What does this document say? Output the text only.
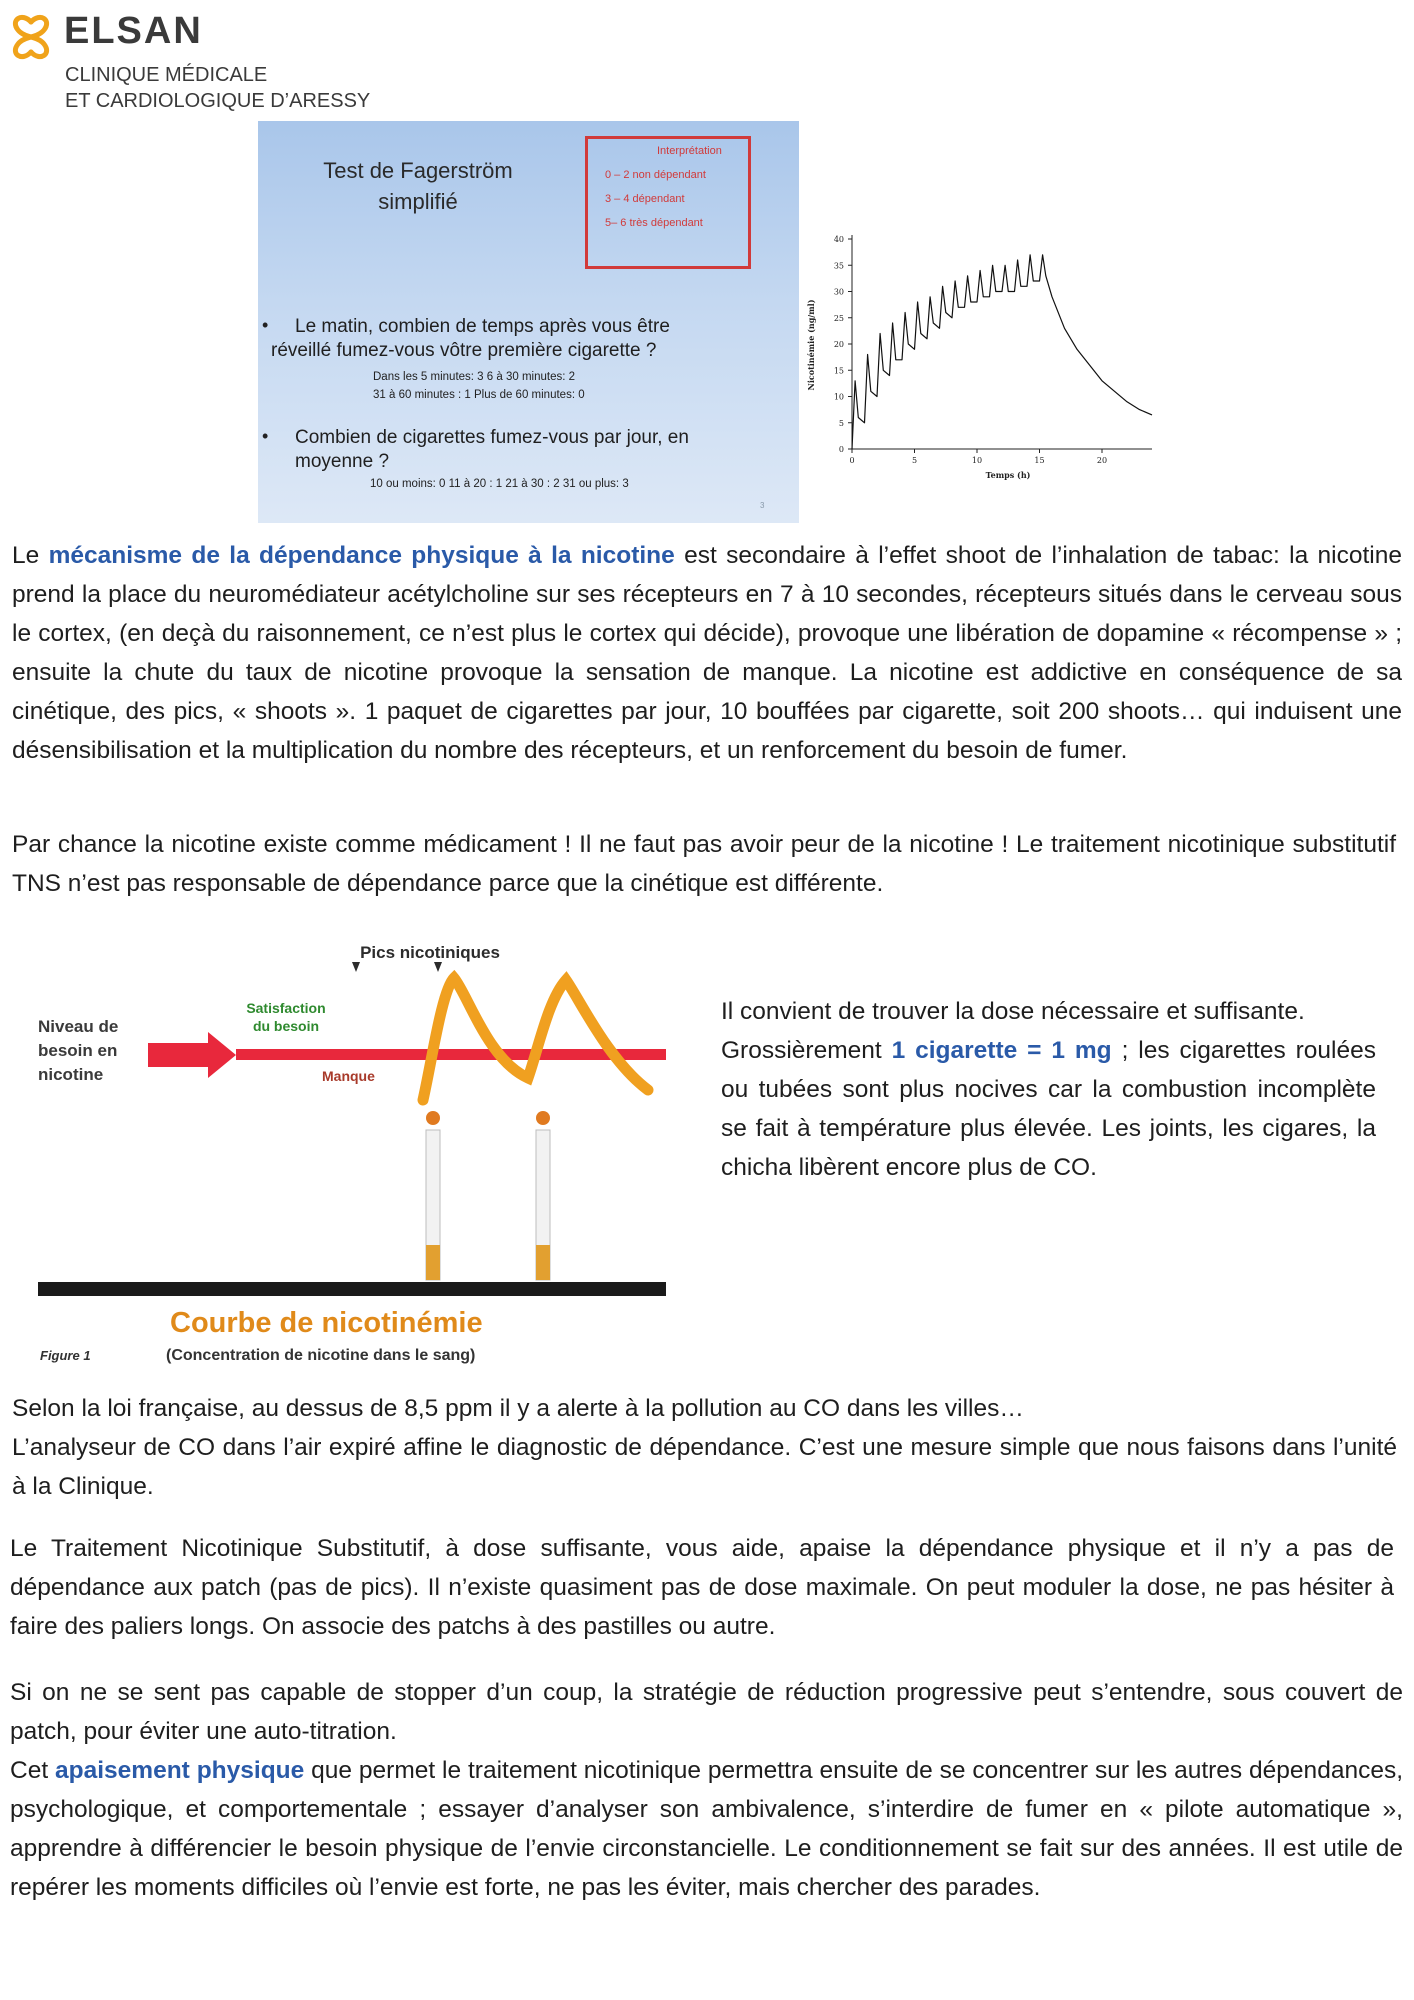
ELSAN
CLINIQUE MÉDICALE
ET CARDIOLOGIQUE D’ARESSY
Test de Fagerström
simplifié
Interprétation
0 – 2 non dépendant
3 – 4 dépendant
5– 6 très dépendant
• Le matin, combien de temps après vous être
réveillé fumez-vous vôtre première cigarette ?
Dans les 5 minutes: 3 6 à 30 minutes: 2
31 à 60 minutes : 1 Plus de 60 minutes: 0
• Combien de cigarettes fumez-vous par jour, en
moyenne ?
10 ou moins: 0 11 à 20 : 1 21 à 30 : 2 31 ou plus: 3
3
Nicotinémie (ng/ml)
Temps (h)
0
5
10
15
20
25
30
35
40
0	5	10	15	20
Le mécanisme de la dépendance physique à la nicotine est secondaire à l’effet shoot de l’inhalation de tabac: la nicotine prend la place du neuromédiateur acétylcholine sur ses récepteurs en 7 à 10 secondes, récepteurs situés dans le cerveau sous le cortex, (en deçà du raisonnement, ce n’est plus le cortex qui décide), provoque une libération de dopamine « récompense » ; ensuite la chute du taux de nicotine provoque la sensation de manque. La nicotine est addictive en conséquence de sa cinétique, des pics, « shoots ». 1 paquet de cigarettes par jour, 10 bouffées par cigarette, soit 200 shoots… qui induisent une désensibilisation et la multiplication du nombre des récepteurs, et un renforcement du besoin de fumer.
Par chance la nicotine existe comme médicament ! Il ne faut pas avoir peur de la nicotine ! Le traitement nicotinique substitutif TNS n’est pas responsable de dépendance parce que la cinétique est différente.
Pics nicotiniques
Niveau de
besoin en
nicotine
Satisfaction
du besoin
Manque
Courbe de nicotinémie
Figure 1	(Concentration de nicotine dans le sang)
Il convient de trouver la dose nécessaire et suffisante.
Grossièrement 1 cigarette = 1 mg ; les cigarettes roulées ou tubées sont plus nocives car la combustion incomplète se fait à température plus élevée. Les joints, les cigares, la chicha libèrent encore plus de CO.
Selon la loi française, au dessus de 8,5 ppm il y a alerte à la pollution au CO dans les villes…
L’analyseur de CO dans l’air expiré affine le diagnostic de dépendance. C’est une mesure simple que nous faisons dans l’unité à la Clinique.
Le Traitement Nicotinique Substitutif, à dose suffisante, vous aide, apaise la dépendance physique et il n’y a pas de dépendance aux patch (pas de pics). Il n’existe quasiment pas de dose maximale. On peut moduler la dose, ne pas hésiter à faire des paliers longs. On associe des patchs à des pastilles ou autre.
Si on ne se sent pas capable de stopper d’un coup, la stratégie de réduction progressive peut s’entendre, sous couvert de patch, pour éviter une auto-titration.
Cet apaisement physique que permet le traitement nicotinique permettra ensuite de se concentrer sur les autres dépendances, psychologique, et comportementale ; essayer d’analyser son ambivalence, s’interdire de fumer en « pilote automatique », apprendre à différencier le besoin physique de l’envie circonstancielle. Le conditionnement se fait sur des années. Il est utile de repérer les moments difficiles où l’envie est forte, ne pas les éviter, mais chercher des parades.
